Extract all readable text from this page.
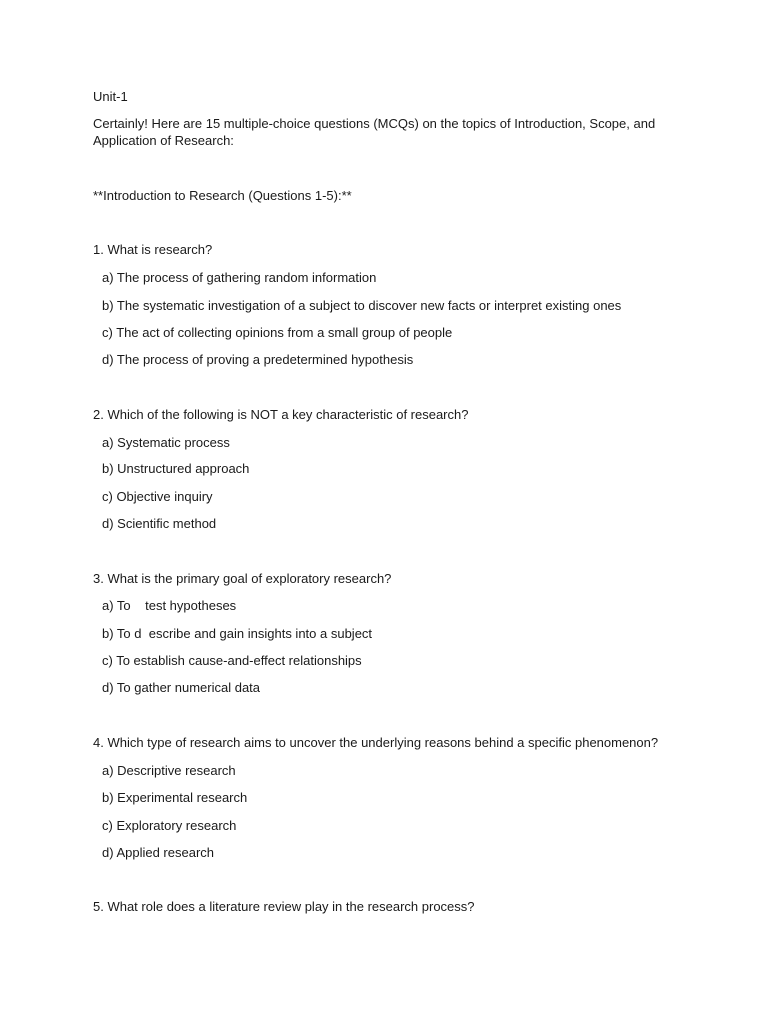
Unit-1
Certainly! Here are 15 multiple-choice questions (MCQs) on the topics of Introduction, Scope, and Application of Research:
**Introduction to Research (Questions 1-5):**
1. What is research?
a) The process of gathering random information
b) The systematic investigation of a subject to discover new facts or interpret existing ones
c) The act of collecting opinions from a small group of people
d) The process of proving a predetermined hypothesis
2. Which of the following is NOT a key characteristic of research?
a) Systematic process
b) Unstructured approach
c) Objective inquiry
d) Scientific method
3. What is the primary goal of exploratory research?
a) To    test hypotheses
b) To d  escribe and gain insights into a subject
c) To establish cause-and-effect relationships
d) To gather numerical data
4. Which type of research aims to uncover the underlying reasons behind a specific phenomenon?
a) Descriptive research
b) Experimental research
c) Exploratory research
d) Applied research
5. What role does a literature review play in the research process?
